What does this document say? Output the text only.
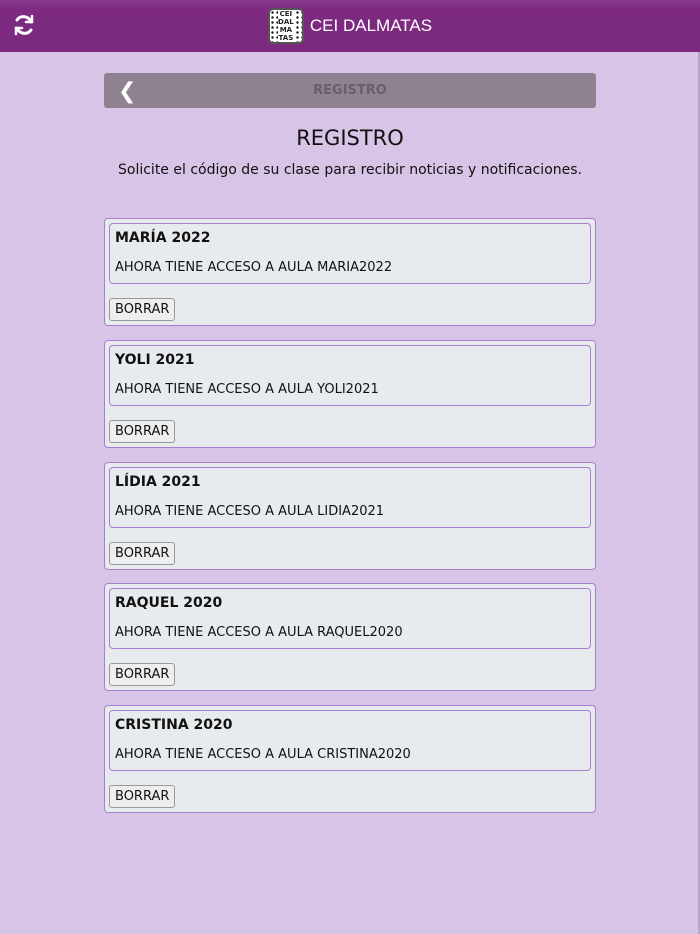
CEI
DAL
MA
TAS
CEI DALMATAS
❮	REGISTRO
REGISTRO

Solicite el código de su clase para recibir noticias y notificaciones.

MARÍA 2022
AHORA TIENE ACCESO A AULA MARIA2022
BORRAR
YOLI 2021
AHORA TIENE ACCESO A AULA YOLI2021
BORRAR
LÍDIA 2021
AHORA TIENE ACCESO A AULA LIDIA2021
BORRAR
RAQUEL 2020
AHORA TIENE ACCESO A AULA RAQUEL2020
BORRAR
CRISTINA 2020
AHORA TIENE ACCESO A AULA CRISTINA2020
BORRAR
